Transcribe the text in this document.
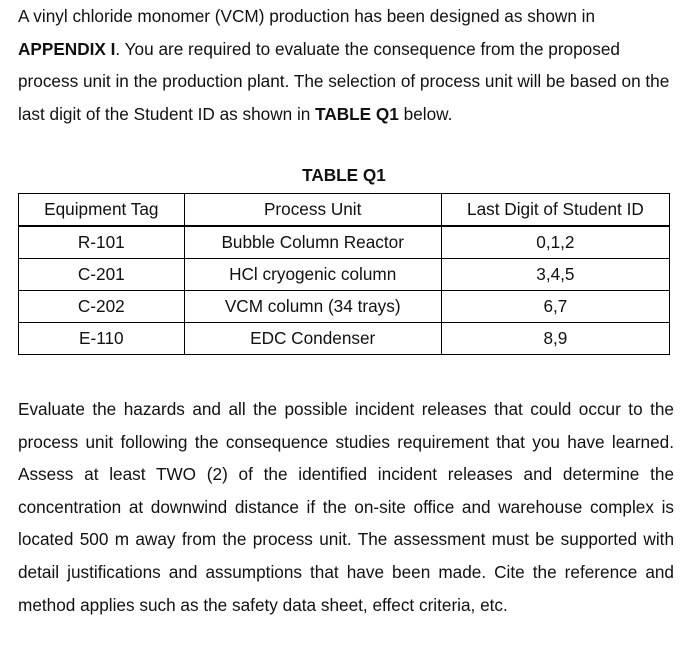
A vinyl chloride monomer (VCM) production has been designed as shown in APPENDIX I. You are required to evaluate the consequence from the proposed process unit in the production plant. The selection of process unit will be based on the last digit of the Student ID as shown in TABLE Q1 below.

TABLE Q1
Equipment Tag	Process Unit	Last Digit of Student ID
R-101	Bubble Column Reactor	0,1,2
C-201	HCl cryogenic column	3,4,5
C-202	VCM column (34 trays)	6,7
E-110	EDC Condenser	8,9

Evaluate the hazards and all the possible incident releases that could occur to the process unit following the consequence studies requirement that you have learned. Assess at least TWO (2) of the identified incident releases and determine the concentration at downwind distance if the on-site office and warehouse complex is located 500 m away from the process unit. The assessment must be supported with detail justifications and assumptions that have been made. Cite the reference and method applies such as the safety data sheet, effect criteria, etc.
